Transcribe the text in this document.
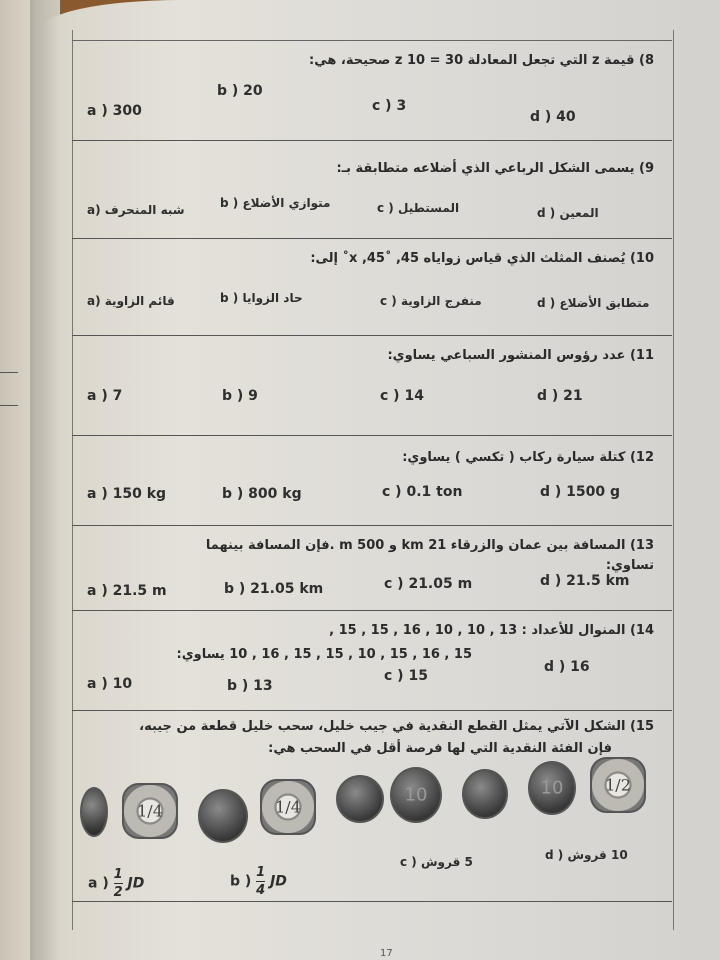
8) قيمة z التي تجعل المعادلة 30 = 10 z صحيحة، هي:
a ) 300
b ) 20
c ) 3
d ) 40
9) يسمى الشكل الرباعي الذي أضلاعه متطابقة بـ:
شبه المنحرف (a	متوازي الأضلاع ( b	المستطيل ( c	المعين ( d
10) يُصنف المثلث الذي قياس زواياه x ,45˚ ,45˚ إلى:
قائم الزاوية (a	حاد الزوايا ( b	منفرج الزاوية ( c	متطابق الأضلاع ( d
11) عدد رؤوس المنشور السباعي يساوي:
a ) 7	b ) 9	c ) 14	d ) 21
12) كتلة سيارة ركاب ( تكسي ) يساوي:
a ) 150 kg	b ) 800 kg	c ) 0.1 ton	d ) 1500 g
13) المسافة بين عمان والزرقاء 21 km و 500 m .فإن المسافة بينهما تساوي:
a ) 21.5 m	b ) 21.05 km	c ) 21.05 m	d ) 21.5 km
14) المنوال للأعداد : 13 , 10 , 10 , 16 , 15 , 15 ,
15 , 16 , 15 , 10 , 15 , 15 , 16 , 10 يساوي:
a ) 10	b ) 13
c ) 15
d ) 16
15) الشكل الآتي يمثل القطع النقدية في جيب خليل، سحب خليل قطعة من جيبه،
فإن الفئة النقدية التي لها فرصة أقل في السحب هي:
1/4	1/4
10	10	1/2
a ) $\frac{1}{2}$ JD	b ) $\frac{1}{4}$ JD
5 قروش ( c	10 قروش ( d
17
